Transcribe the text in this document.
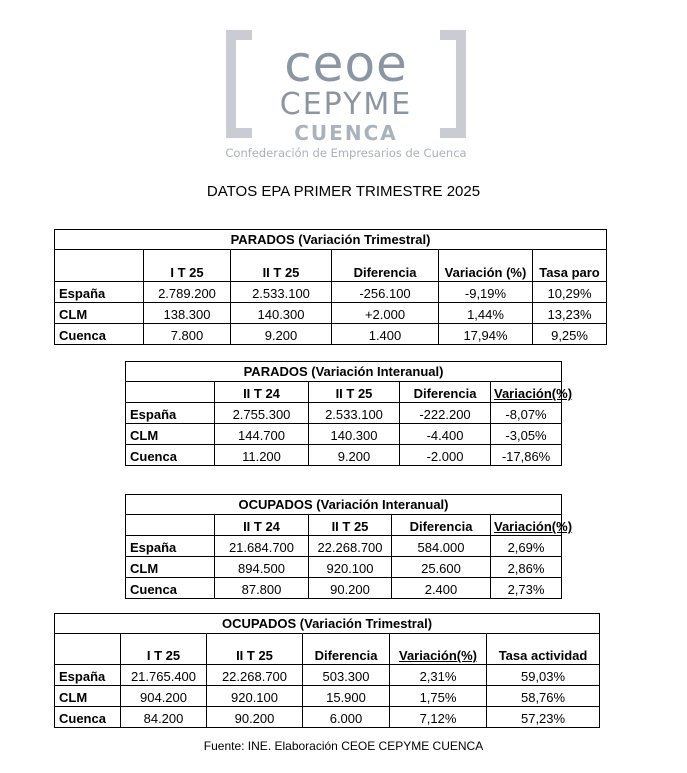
ceoe
CEPYME
CUENCA
Confederación de Empresarios de Cuenca
DATOS EPA PRIMER TRIMESTRE 2025
PARADOS (Variación Trimestral)					
	I T 25	II T 25	Diferencia	Variación (%)	Tasa paro
España	2.789.200	2.533.100	-256.100	-9,19%	10,29%
CLM	138.300	140.300	+2.000	1,44%	13,23%
Cuenca	7.800	9.200	1.400	17,94%	9,25%
PARADOS (Variación Interanual)				
	II T 24	II T 25	Diferencia	Variación(%)
España	2.755.300	2.533.100	-222.200	-8,07%
CLM	144.700	140.300	-4.400	-3,05%
Cuenca	11.200	9.200	-2.000	-17,86%
OCUPADOS (Variación Interanual)				
	II T 24	II T 25	Diferencia	Variación(%)
España	21.684.700	22.268.700	584.000	2,69%
CLM	894.500	920.100	25.600	2,86%
Cuenca	87.800	90.200	2.400	2,73%
OCUPADOS (Variación Trimestral)					
	I T 25	II T 25	Diferencia	Variación(%)	Tasa actividad
España	21.765.400	22.268.700	503.300	2,31%	59,03%
CLM	904.200	920.100	15.900	1,75%	58,76%
Cuenca	84.200	90.200	6.000	7,12%	57,23%
Fuente: INE. Elaboración CEOE CEPYME CUENCA
